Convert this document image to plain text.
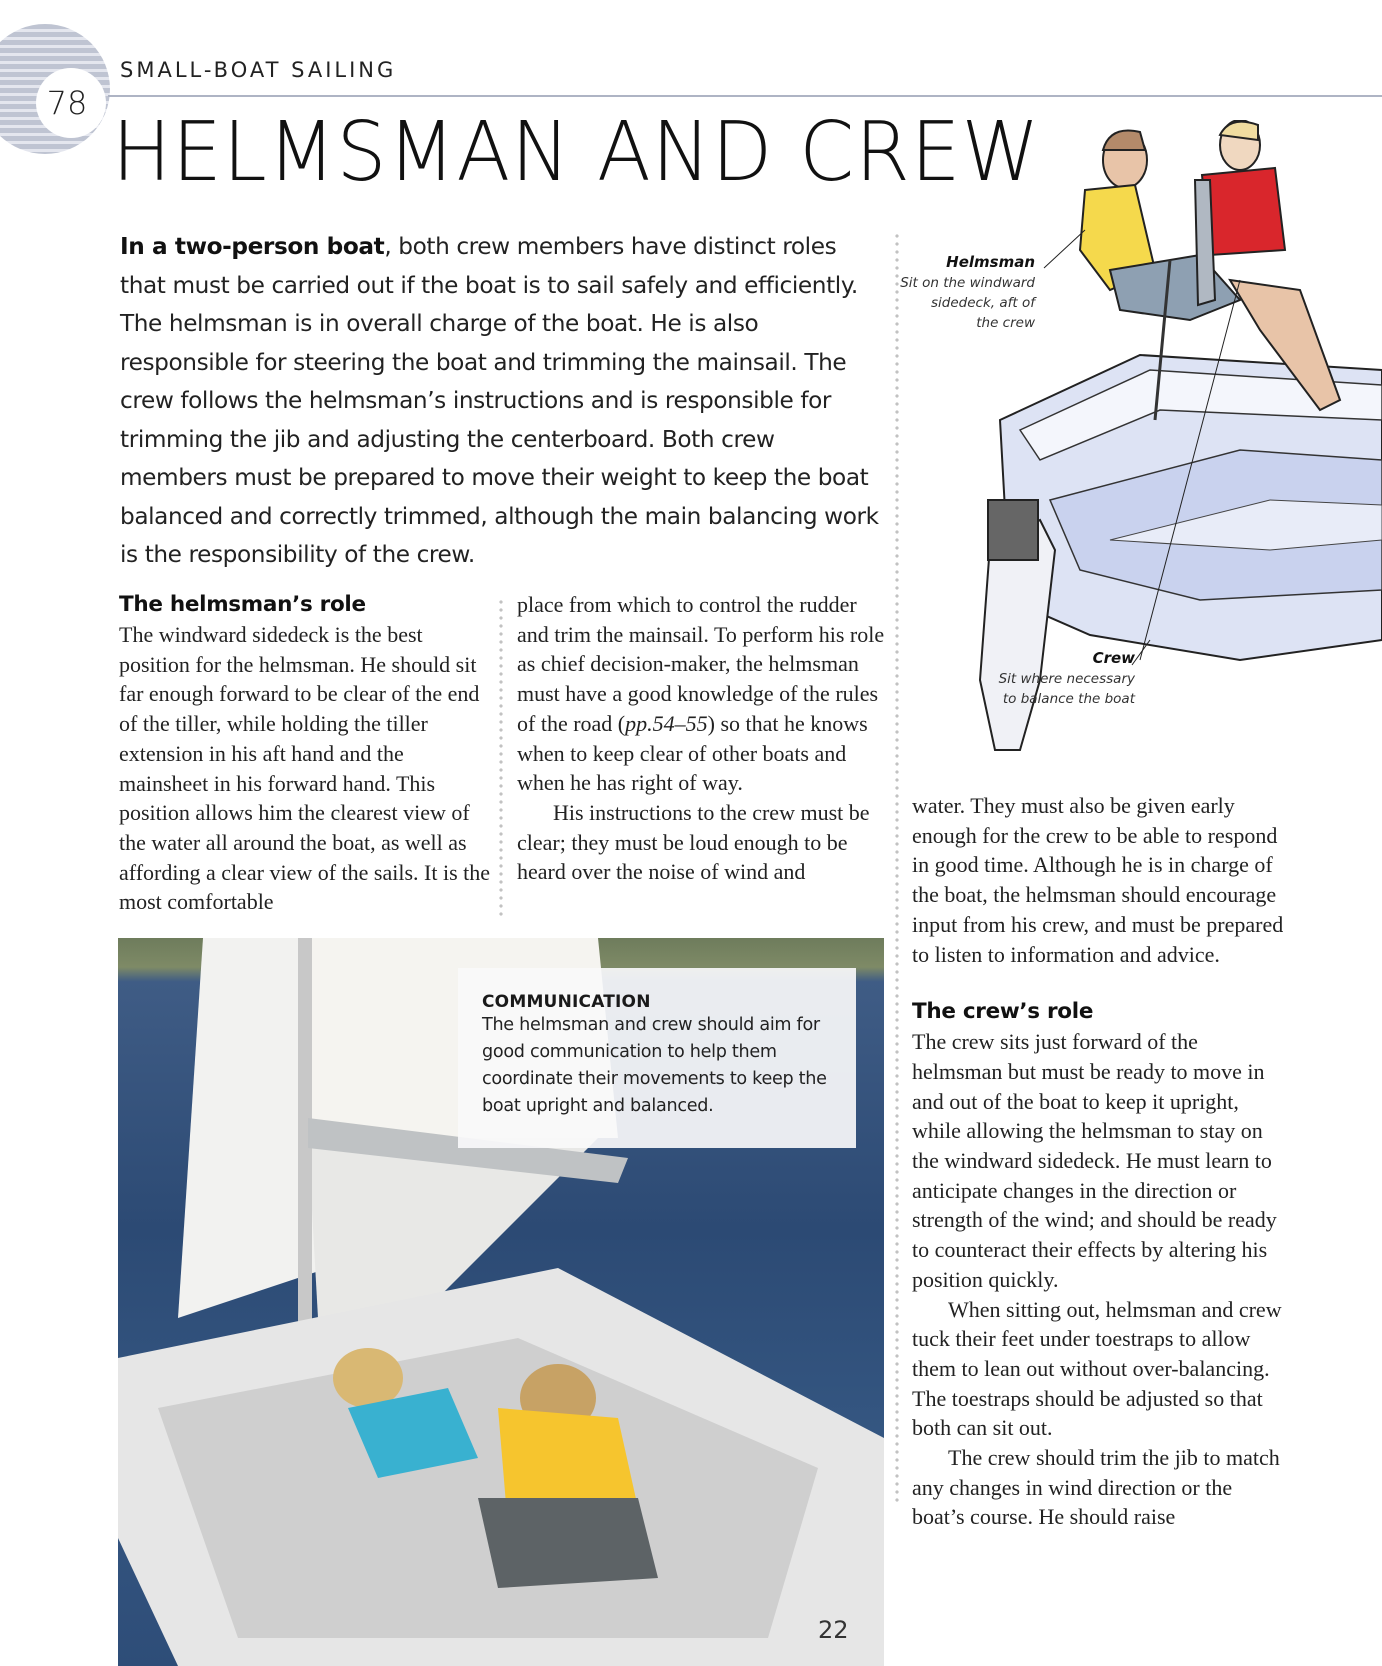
78
SMALL-BOAT SAILING
HELMSMAN AND CREW

In a two-person boat, both crew members have distinct roles that must be carried out if the boat is to sail safely and efficiently. The helmsman is in overall charge of the boat. He is also responsible for steering the boat and trimming the mainsail. The crew follows the helmsman’s instructions and is responsible for trimming the jib and adjusting the centerboard. Both crew members must be prepared to move their weight to keep the boat balanced and correctly trimmed, although the main balancing work is the responsibility of the crew.

The helmsman’s role

The windward sidedeck is the best position for the helmsman. He should sit far enough forward to be clear of the end of the tiller, while holding the tiller extension in his aft hand and the mainsheet in his forward hand. This position allows him the clearest view of the water all around the boat, as well as affording a clear view of the sails. It is the most comfortable

place from which to control the rudder and trim the mainsail. To perform his role as chief decision-maker, the helmsman must have a good knowledge of the rules of the road (pp.54–55) so that he knows when to keep clear of other boats and when he has right of way.

His instructions to the crew must be clear; they must be loud enough to be heard over the noise of wind and

Helmsman
Sit on the windward
sidedeck, aft of
the crew
Crew
Sit where necessary
to balance the boat

water. They must also be given early enough for the crew to be able to respond in good time. Although he is in charge of the boat, the helmsman should encourage input from his crew, and must be prepared to listen to information and advice.

The crew’s role

The crew sits just forward of the helmsman but must be ready to move in and out of the boat to keep it upright, while allowing the helmsman to stay on the windward sidedeck. He must learn to anticipate changes in the direction or strength of the wind; and should be ready to counteract their effects by altering his position quickly.

When sitting out, helmsman and crew tuck their feet under toestraps to allow them to lean out without over-balancing. The toestraps should be adjusted so that both can sit out.

The crew should trim the jib to match any changes in wind direction or the boat’s course. He should raise

22
COMMUNICATION

The helmsman and crew should aim for good communication to help them coordinate their movements to keep the boat upright and balanced.
